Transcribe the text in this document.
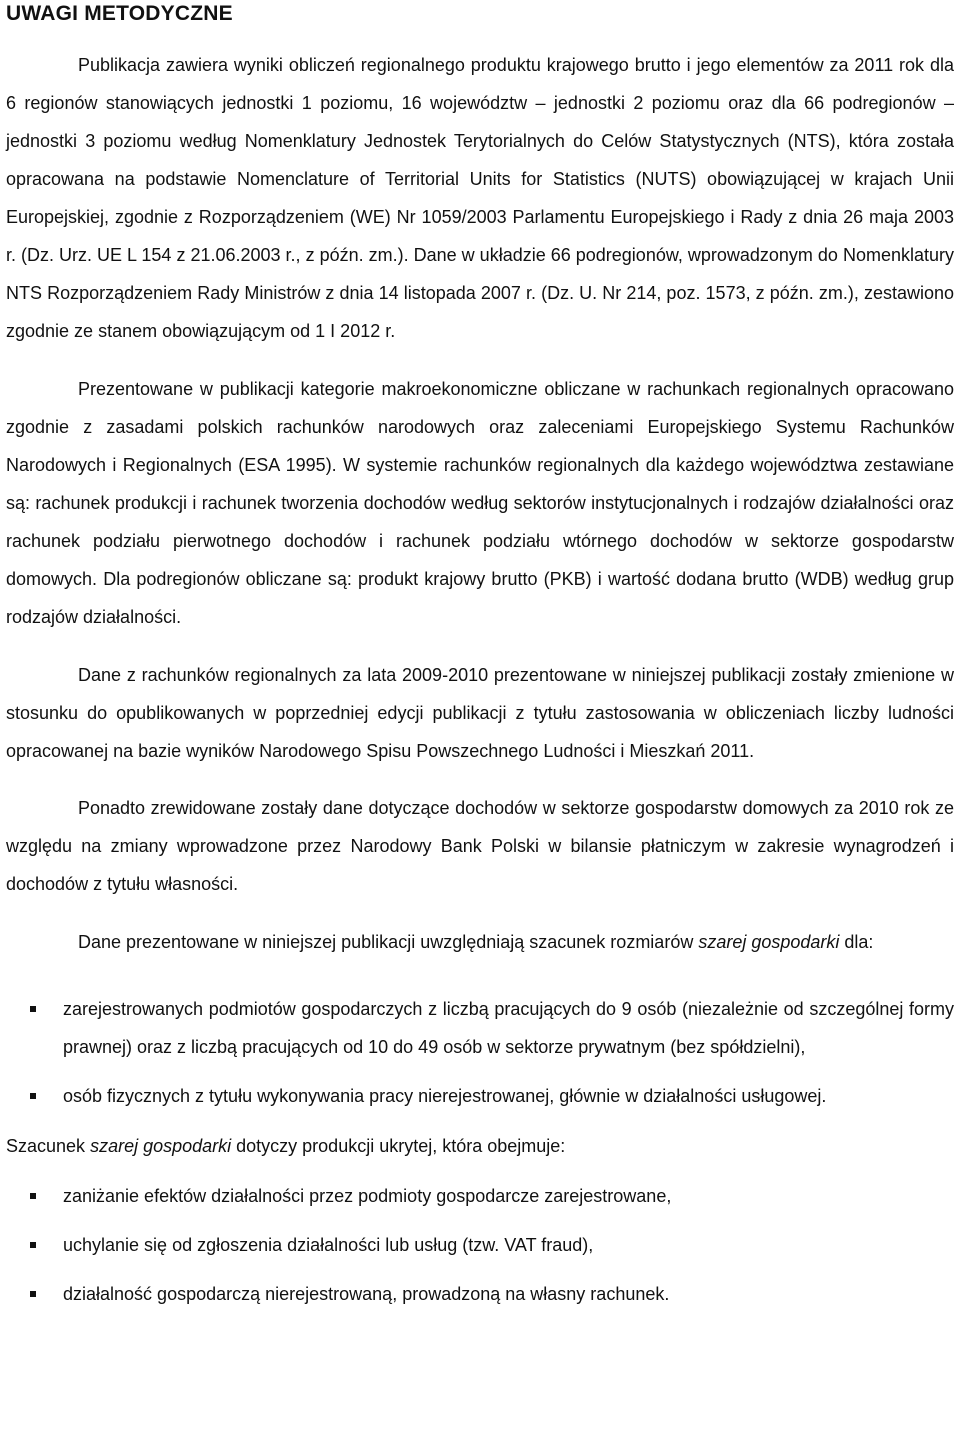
UWAGI METODYCZNE

Publikacja zawiera wyniki obliczeń regionalnego produktu krajowego brutto i jego elementów za 2011 rok dla 6 regionów stanowiących jednostki 1 poziomu, 16 województw – jednostki 2 poziomu oraz dla 66 podregionów – jednostki 3 poziomu według Nomenklatury Jednostek Terytorialnych do Celów Statystycznych (NTS), która została opracowana na podstawie Nomenclature of Territorial Units for Statistics (NUTS) obowiązującej w krajach Unii Europejskiej, zgodnie z Rozporządzeniem (WE) Nr 1059/2003 Parlamentu Europejskiego i Rady z dnia 26 maja 2003 r. (Dz. Urz. UE L 154 z 21.06.2003 r., z późn. zm.). Dane w układzie 66 podregionów, wprowadzonym do Nomenklatury NTS Rozporządzeniem Rady Ministrów z dnia 14 listopada 2007 r. (Dz. U. Nr 214, poz. 1573, z późn. zm.), zestawiono zgodnie ze stanem obowiązującym od 1 I 2012 r.

Prezentowane w publikacji kategorie makroekonomiczne obliczane w rachunkach regionalnych opracowano zgodnie z zasadami polskich rachunków narodowych oraz zaleceniami Europejskiego Systemu Rachunków Narodowych i Regionalnych (ESA 1995). W systemie rachunków regionalnych dla każdego województwa zestawiane są: rachunek produkcji i rachunek tworzenia dochodów według sektorów instytucjonalnych i rodzajów działalności oraz rachunek podziału pierwotnego dochodów i rachunek podziału wtórnego dochodów w sektorze gospodarstw domowych. Dla podregionów obliczane są: produkt krajowy brutto (PKB) i wartość dodana brutto (WDB) według grup rodzajów działalności.

Dane z rachunków regionalnych za lata 2009-2010 prezentowane w niniejszej publikacji zostały zmienione w stosunku do opublikowanych w poprzedniej edycji publikacji z tytułu zastosowania w obliczeniach liczby ludności opracowanej na bazie wyników Narodowego Spisu Powszechnego Ludności i Mieszkań 2011.

Ponadto zrewidowane zostały dane dotyczące dochodów w sektorze gospodarstw domowych za 2010 rok ze względu na zmiany wprowadzone przez Narodowy Bank Polski w bilansie płatniczym w zakresie wynagrodzeń i dochodów z tytułu własności.

Dane prezentowane w niniejszej publikacji uwzględniają szacunek rozmiarów szarej gospodarki dla:

zarejestrowanych podmiotów gospodarczych z liczbą pracujących do 9 osób (niezależnie od szczególnej formy prawnej) oraz z liczbą pracujących od 10 do 49 osób w sektorze prywatnym (bez spółdzielni),
osób fizycznych z tytułu wykonywania pracy nierejestrowanej, głównie w działalności usługowej.

Szacunek szarej gospodarki dotyczy produkcji ukrytej, która obejmuje:

zaniżanie efektów działalności przez podmioty gospodarcze zarejestrowane,
uchylanie się od zgłoszenia działalności lub usług (tzw. VAT fraud),
działalność gospodarczą nierejestrowaną, prowadzoną na własny rachunek.
